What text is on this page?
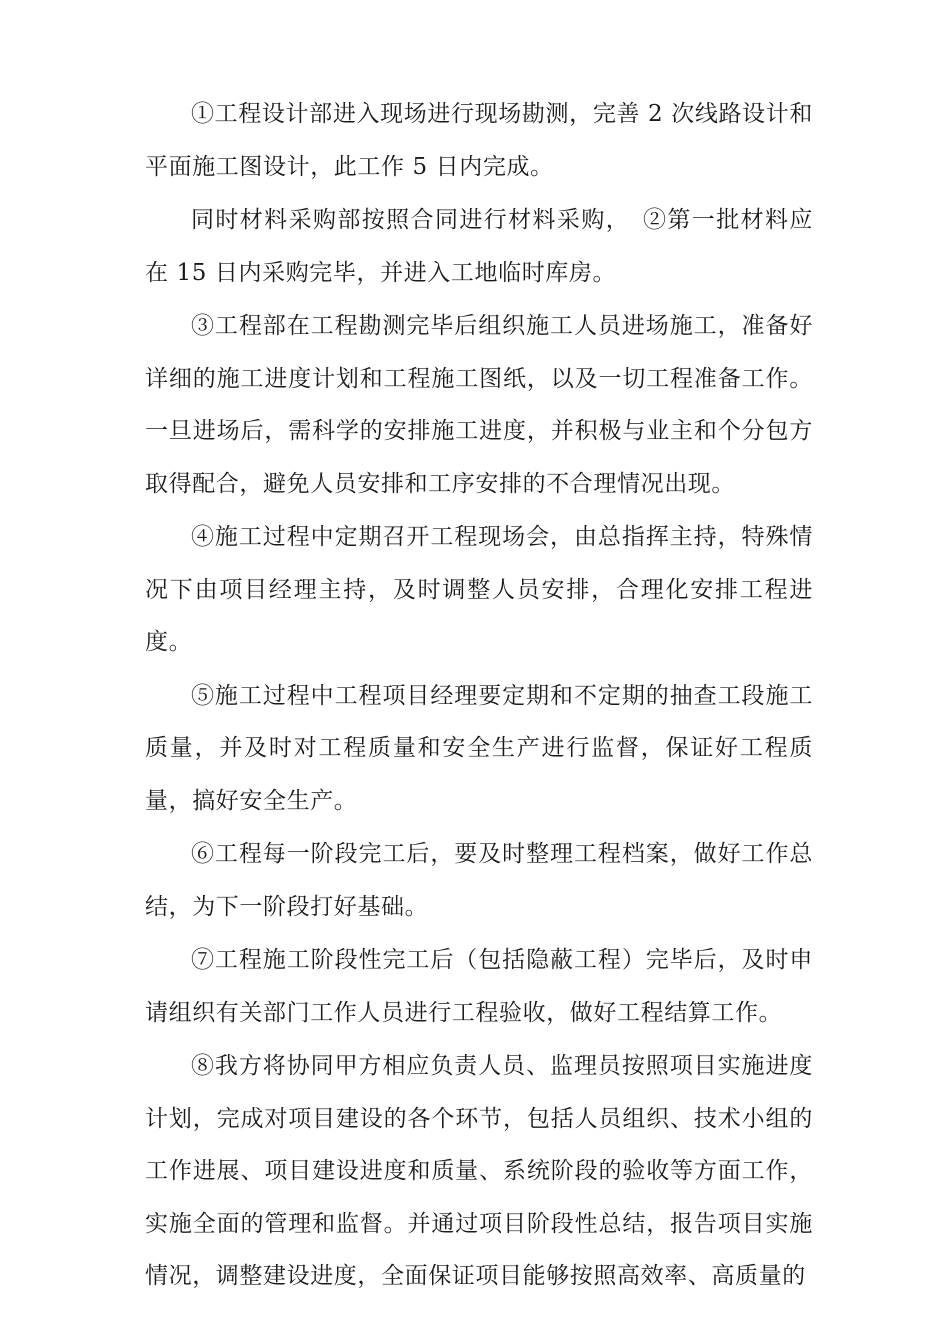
①工程设计部进入现场进行现场勘测，完善 2 次线路设计和平面施工图设计，此工作 5 日内完成。

同时材料采购部按照合同进行材料采购，　②第一批材料应在 15 日内采购完毕，并进入工地临时库房。

③工程部在工程勘测完毕后组织施工人员进场施工，准备好详细的施工进度计划和工程施工图纸，以及一切工程准备工作。一旦进场后，需科学的安排施工进度，并积极与业主和个分包方取得配合，避免人员安排和工序安排的不合理情况出现。

④施工过程中定期召开工程现场会，由总指挥主持，特殊情况下由项目经理主持，及时调整人员安排，合理化安排工程进度。

⑤施工过程中工程项目经理要定期和不定期的抽查工段施工质量，并及时对工程质量和安全生产进行监督，保证好工程质量，搞好安全生产。

⑥工程每一阶段完工后，要及时整理工程档案，做好工作总结，为下一阶段打好基础。

⑦工程施工阶段性完工后（包括隐蔽工程）完毕后，及时申请组织有关部门工作人员进行工程验收，做好工程结算工作。

⑧我方将协同甲方相应负责人员、监理员按照项目实施进度计划，完成对项目建设的各个环节，包括人员组织、技术小组的工作进展、项目建设进度和质量、系统阶段的验收等方面工作，实施全面的管理和监督。并通过项目阶段性总结，报告项目实施情况，调整建设进度，全面保证项目能够按照高效率、高质量的
